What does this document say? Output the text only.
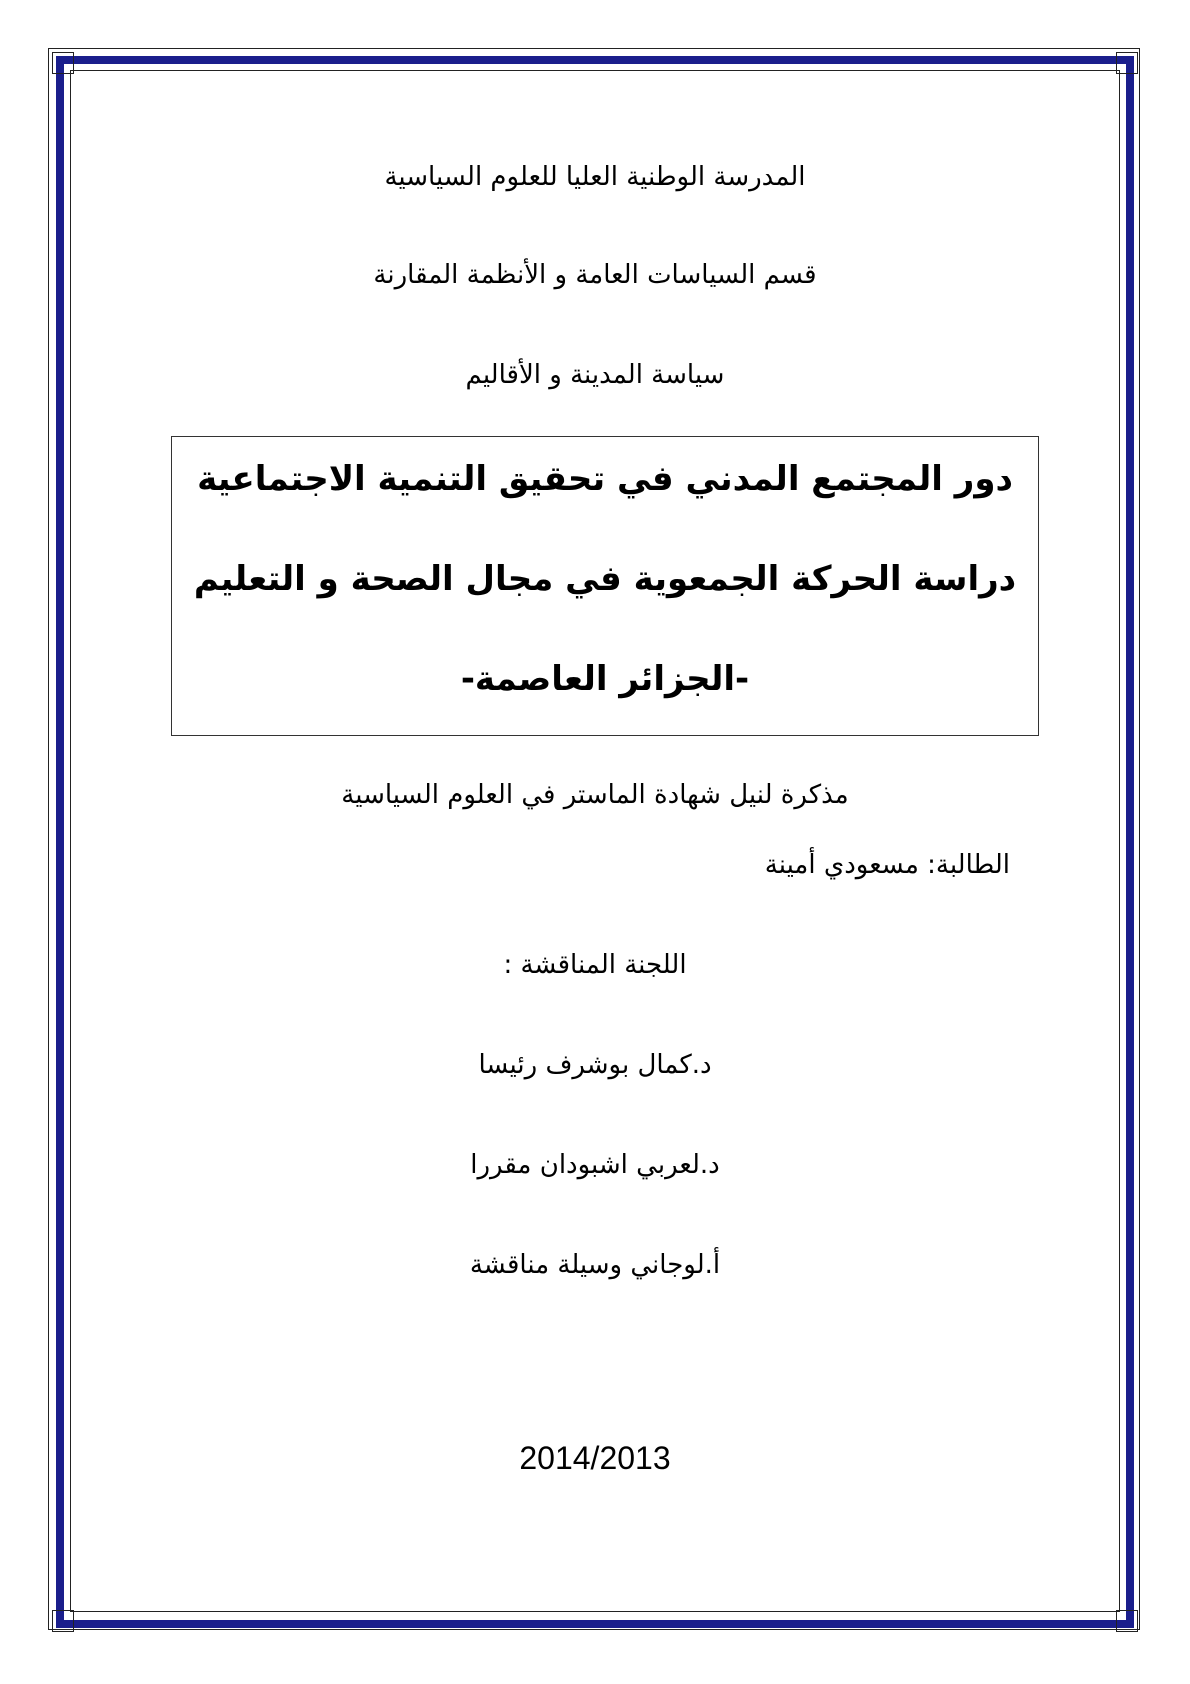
المدرسة الوطنية العليا للعلوم السياسية
قسم السياسات العامة و الأنظمة المقارنة
سياسة المدينة و الأقاليم
دور المجتمع المدني في تحقيق التنمية الاجتماعية
دراسة الحركة الجمعوية في مجال الصحة و التعليم
-الجزائر العاصمة-
مذكرة لنيل شهادة الماستر في العلوم السياسية
الطالبة: مسعودي أمينة
اللجنة المناقشة :
د.كمال بوشرف رئيسا
د.لعربي اشبودان مقررا
أ.لوجاني وسيلة مناقشة
2014/2013
